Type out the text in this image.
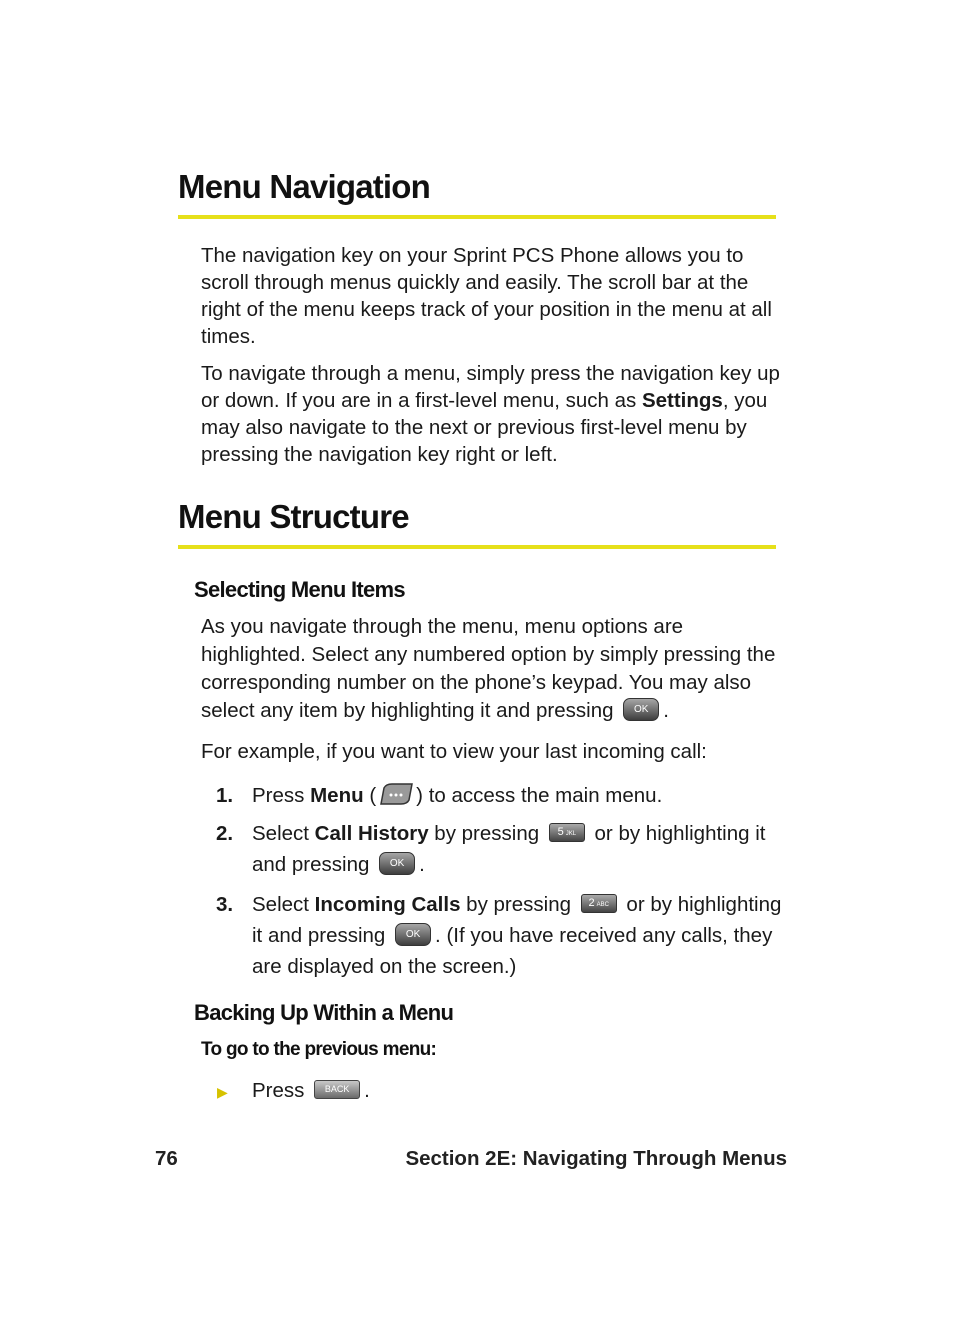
Menu Navigation

The navigation key on your Sprint PCS Phone allows you to scroll through menus quickly and easily. The scroll bar at the right of the menu keeps track of your position in the menu at all times.

To navigate through a menu, simply press the navigation key up or down. If you are in a first-level menu, such as Settings, you may also navigate to the next or previous first-level menu by pressing the navigation key right or left.

Menu Structure
Selecting Menu Items

As you navigate through the menu, menu options are highlighted. Select any numbered option by simply pressing the corresponding number on the phone’s keypad. You may also select any item by highlighting it and pressing OK .

For example, if you want to view your last incoming call:

1. Press Menu ( ) to access the main menu.
2. Select Call History by pressing 5 JKL or by highlighting it and pressing OK .
3. Select Incoming Calls by pressing 2 ABC or by highlighting it and pressing OK . (If you have received any calls, they are displayed on the screen.)
Backing Up Within a Menu
To go to the previous menu:
▶ Press BACK .
76	Section 2E: Navigating Through Menus
